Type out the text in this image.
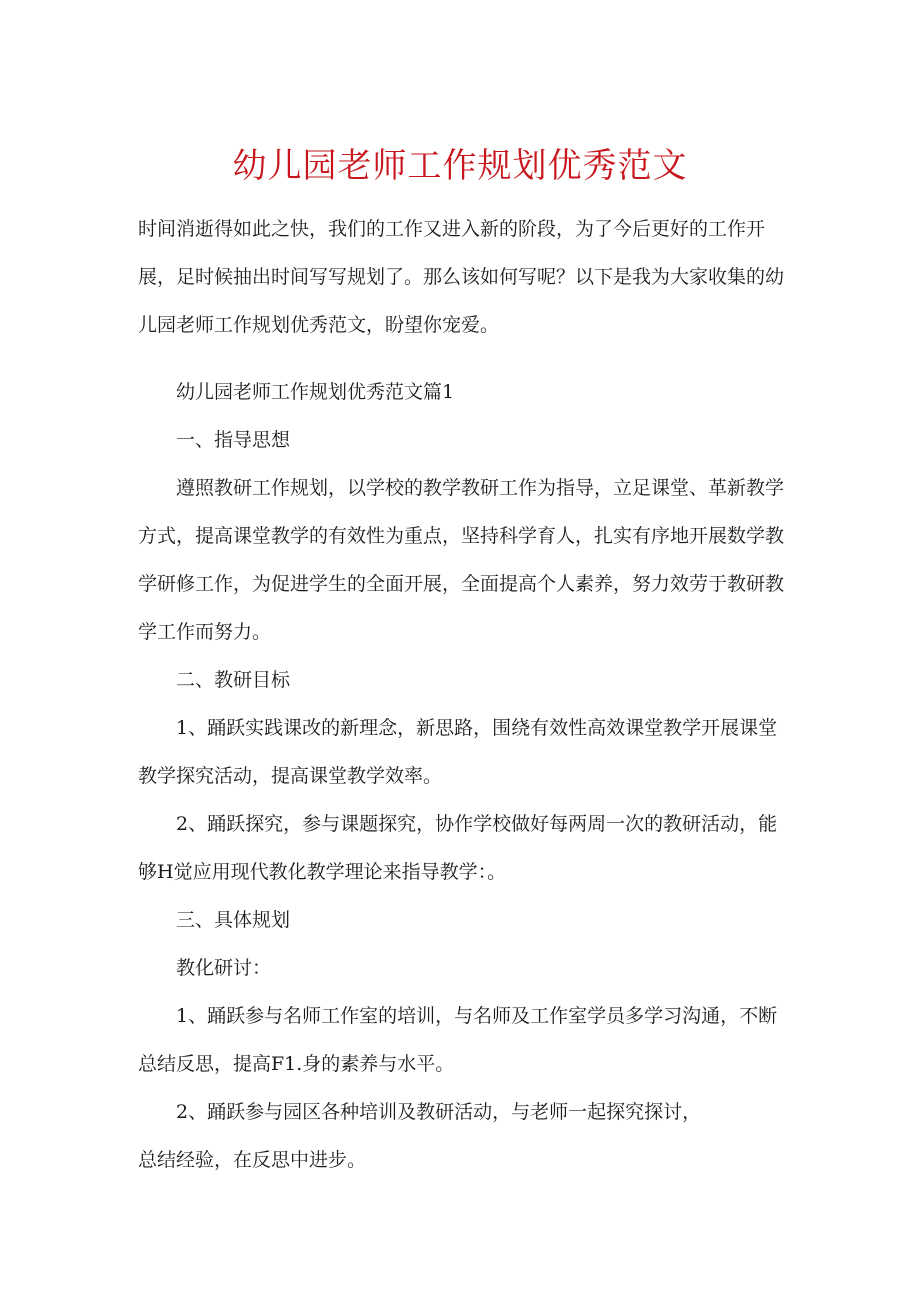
幼儿园老师工作规划优秀范文

时间消逝得如此之快，我们的工作又进入新的阶段，为了今后更好的工作开展，足时候抽出时间写写规划了。那么该如何写呢？以下是我为大家收集的幼儿园老师工作规划优秀范文，盼望你宠爱。

幼儿园老师工作规划优秀范文篇1

一、指导思想

遵照教研工作规划，以学校的教学教研工作为指导，立足课堂、革新教学方式，提高课堂教学的有效性为重点，坚持科学育人，扎实有序地开展数学教学研修工作，为促进学生的全面开展，全面提高个人素养，努力效劳于教研教学工作而努力。

二、教研目标

1、踊跃实践课改的新理念，新思路，围绕有效性高效课堂教学开展课堂教学探究活动，提高课堂教学效率。

2、踊跃探究，参与课题探究，协作学校做好每两周一次的教研活动，能够H觉应用现代教化教学理论来指导教学：。

三、具体规划

教化研讨：

1、踊跃参与名师工作室的培训，与名师及工作室学员多学习沟通，不断总结反思，提高F1.身的素养与水平。

2、踊跃参与园区各种培训及教研活动，与老师一起探究探讨，

总结经验，在反思中进步。
